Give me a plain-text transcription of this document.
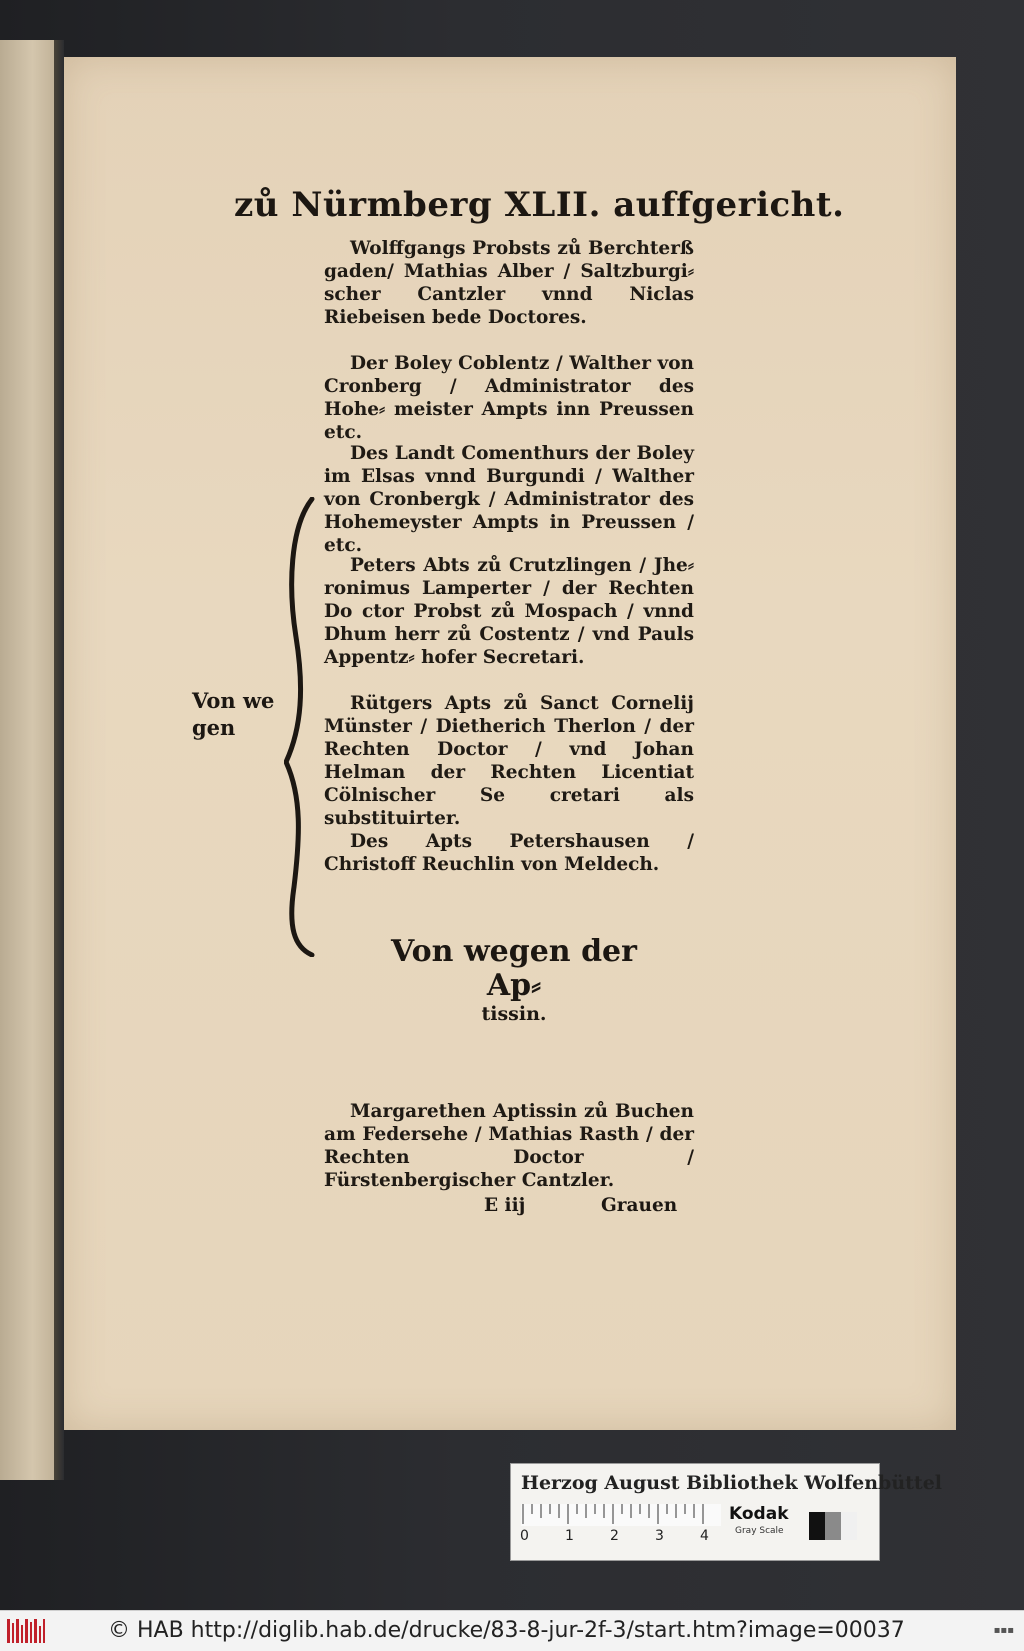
zů Nürmberg XLII. auffgericht.

Wolffgangs Probsts zů Berchterß gaden/ Mathias Alber / Saltzburgi⸗ scher Cantzler vnnd Niclas Riebeisen bede Doctores.

Der Boley Coblentz / Walther von Cronberg / Administrator des Hohe⸗ meister Ampts inn Preussen etc.

Des Landt Comenthurs der Boley im Elsas vnnd Burgundi / Walther von Cronbergk / Administrator des Hohemeyster Ampts in Preussen / etc.

Peters Abts zů Crutzlingen / Jhe⸗ ronimus Lamperter / der Rechten Do ctor Probst zů Mospach / vnnd Dhum herr zů Costentz / vnd Pauls Appentz⸗ hofer Secretari.

Rütgers Apts zů Sanct Cornelij Münster / Dietherich Therlon / der Rechten Doctor / vnd Johan Helman der Rechten Licentiat Cölnischer Se cretari als substituirter.

Des Apts Petershausen / Christoff Reuchlin von Meldech.

Von we gen
Von wegen der Ap⸗
tissin.

Margarethen Aptissin zů Buchen am Federsehe / Mathias Rasth / der Rechten Doctor / Fürstenbergischer Cantzler.

E iij	Grauen
Herzog August Bibliothek Wolfenbüttel
0	1	2	3	4
Kodak
Gray Scale
© HAB http://diglib.hab.de/drucke/83-8-jur-2f-3/start.htm?image=00037	▪▪▪
